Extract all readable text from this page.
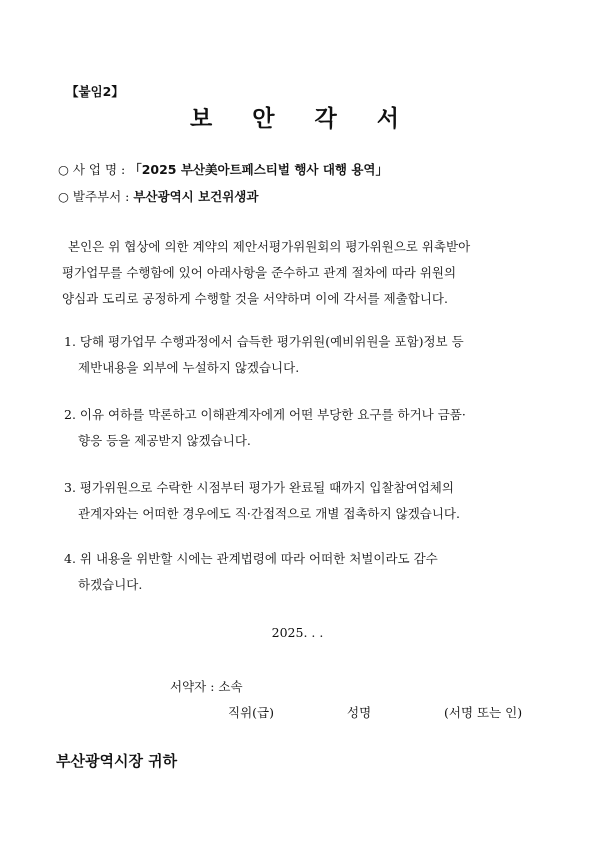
【붙임2】
보 안 각 서
○ 사 업 명 : 「2025 부산美아트페스티벌 행사 대행 용역」
○ 발주부서 : 부산광역시 보건위생과
본인은 위 협상에 의한 계약의 제안서평가위원회의 평가위원으로 위촉받아
평가업무를 수행함에 있어 아래사항을 준수하고 관계 절차에 따라 위원의
양심과 도리로 공정하게 수행할 것을 서약하며 이에 각서를 제출합니다.
1. 당해 평가업무 수행과정에서 습득한 평가위원(예비위원을 포함)정보 등
제반내용을 외부에 누설하지 않겠습니다.
2. 이유 여하를 막론하고 이해관계자에게 어떤 부당한 요구를 하거나 금품·
향응 등을 제공받지 않겠습니다.
3. 평가위원으로 수락한 시점부터 평가가 완료될 때까지 입찰참여업체의
관계자와는 어떠한 경우에도 직·간접적으로 개별 접촉하지 않겠습니다.
4. 위 내용을 위반할 시에는 관계법령에 따라 어떠한 처벌이라도 감수
하겠습니다.
2025. . .
서약자 : 소속
직위(급)	성명	(서명 또는 인)
부산광역시장 귀하
